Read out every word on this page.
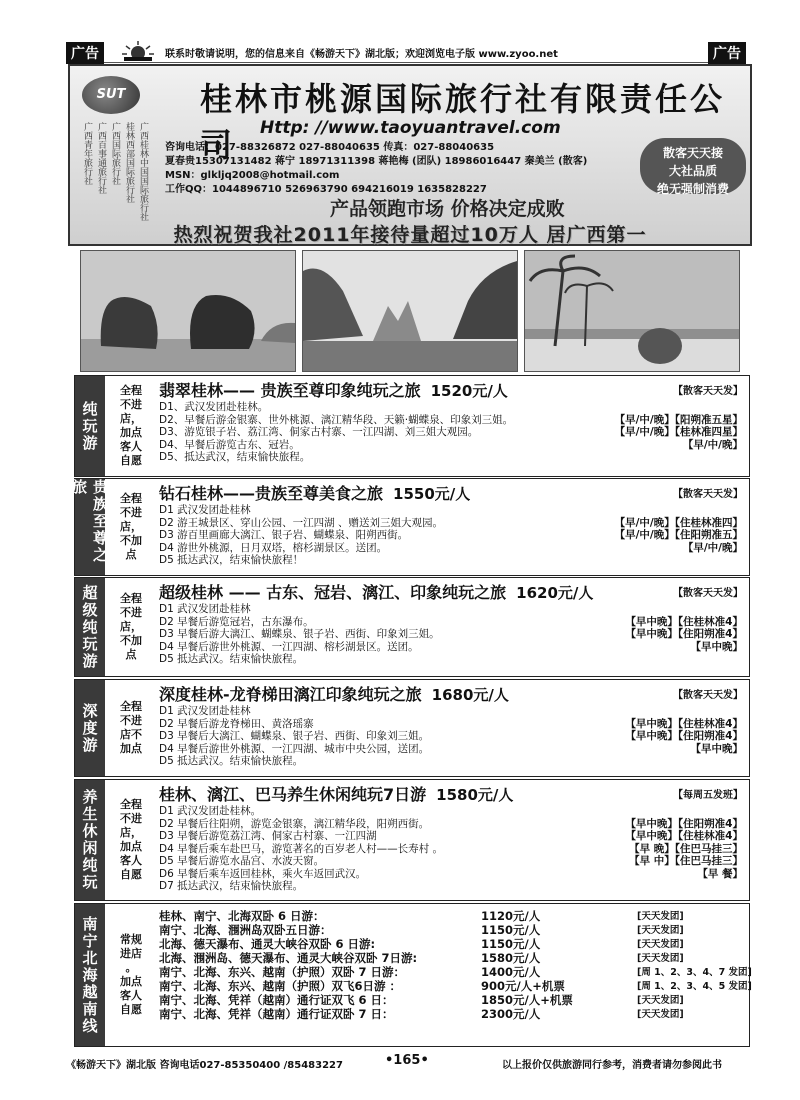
广告	广告
联系时敬请说明，您的信息来自《畅游天下》湖北版；欢迎浏览电子版 www.zyoo.net
SUT	桂林市桃源国际旅行社有限责任公司	Http: //www.taoyuantravel.com
广西青年旅行社 广西百事通旅行社 广西国际旅行社 桂林西部国际旅行社 广西桂林中国国际旅行社 咨询电话：027-88326872 027-88040635 传真：027-88040635
夏春贵15307131482 蒋宁 18971311398 蒋艳梅 (团队) 18986016447 秦美兰 (散客)
MSN：glkljq2008@hotmail.com
工作QQ：1044896710 526963790 694216019 1635828227
散客天天接
大社品质
绝无强制消费
产品领跑市场 价格决定成败
热烈祝贺我社2011年接待量超过10万人 居广西第一
纯玩游
全程
不进
店，
加点
客人
自愿
翡翠桂林—— 贵族至尊印象纯玩之旅 1520元/人	【散客天天发】
D1、武汉发团赴桂林。
D2、早餐后游金银寨、世外桃源、漓江精华段、天籁·蝴蝶泉、印象刘三姐。	【早/中/晚】【阳朔准五星】
D3、游览银子岩、荔江湾、侗家古村寨、一江四湖、刘三姐大观园。	【早/中/晚】【桂林准四星】
D4、早餐后游览古东、冠岩。	【早/中/晚】
D5、抵达武汉，结束愉快旅程。
贵族至尊之旅
全程
不进
店，
不加
点
钻石桂林——贵族至尊美食之旅 1550元/人	【散客天天发】
D1 武汉发团赴桂林
D2 游王城景区、穿山公园、一江四湖 、赠送刘三姐大观园。	【早/中/晚】【住桂林准四】
D3 游百里画廊大漓江、银子岩、蝴蝶泉、阳朔西街。	【早/中/晚】【住阳朔准五】
D4 游世外桃源，日月双塔，榕杉湖景区。送团。	【早/中/晚】
D5 抵达武汉，结束愉快旅程！
超级纯玩游	全程
不进
店，
不加
点
超级桂林 —— 古东、冠岩、漓江、印象纯玩之旅 1620元/人	【散客天天发】
D1 武汉发团赴桂林
D2 早餐后游览冠岩，古东瀑布。	【早中晚】【住桂林准4】
D3 早餐后游大漓江、蝴蝶泉、银子岩、西街、印象刘三姐。	【早中晚】【住阳朔准4】
D4 早餐后游世外桃源、一江四湖、榕杉湖景区。送团。	【早中晚】
D5 抵达武汉。结束愉快旅程。
深度游	全程
不进
店不
加点
深度桂林-龙脊梯田漓江印象纯玩之旅 1680元/人	【散客天天发】
D1 武汉发团赴桂林
D2 早餐后游龙脊梯田、黄洛瑶寨	【早中晚】【住桂林准4】
D3 早餐后大漓江、蝴蝶泉、银子岩、西街、印象刘三姐。	【早中晚】【住阳朔准4】
D4 早餐后游世外桃源、一江四湖、城市中央公园，送团。	【早中晚】
D5 抵达武汉。结束愉快旅程。
养生休闲纯玩	全程
不进
店，
加点
客人
自愿
桂林、漓江、巴马养生休闲纯玩7日游 1580元/人	【每周五发班】
D1 武汉发团赴桂林。
D2 早餐后往阳朔，游览金银寨，漓江精华段，阳朔西街。	【早中晚】【住阳朔准4】
D3 早餐后游览荔江湾、侗家古村寨、一江四湖	【早中晚】【住桂林准4】
D4 早餐后乘车赴巴马，游览著名的百岁老人村——长寿村 。	【早 晚】【住巴马挂三】
D5 早餐后游览水晶宫、水波天窗。	【早 中】【住巴马挂三】
D6 早餐后乘车返回桂林，乘火车返回武汉。	【早 餐】
D7 抵达武汉，结束愉快旅程。
南宁北海越南线	常规
进店
。
加点
客人
自愿
桂林、南宁、北海双卧 6 日游：	1120元/人	[天天发团]
南宁、北海、涠洲岛双卧五日游：	1150元/人	[天天发团]
北海、德天瀑布、通灵大峡谷双卧 6 日游:	1150元/人	[天天发团]
北海、涠洲岛、德天瀑布、通灵大峡谷双卧 7日游:	1580元/人	[天天发团]
南宁、北海、东兴、越南（护照）双卧 7 日游：	1400元/人	[周 1、2、3、4、7 发团]
南宁、北海、东兴、越南（护照）双飞6日游 ：	900元/人+机票	[周 1、2、3、4、5 发团]
南宁、北海、凭祥（越南）通行证双飞 6 日：	1850元/人+机票	[天天发团]
南宁、北海、凭祥（越南）通行证双卧 7 日：	2300元/人	[天天发团]
《畅游天下》湖北版 咨询电话027-85350400 /85483227	•165•	以上报价仅供旅游同行参考，消费者请勿参阅此书
